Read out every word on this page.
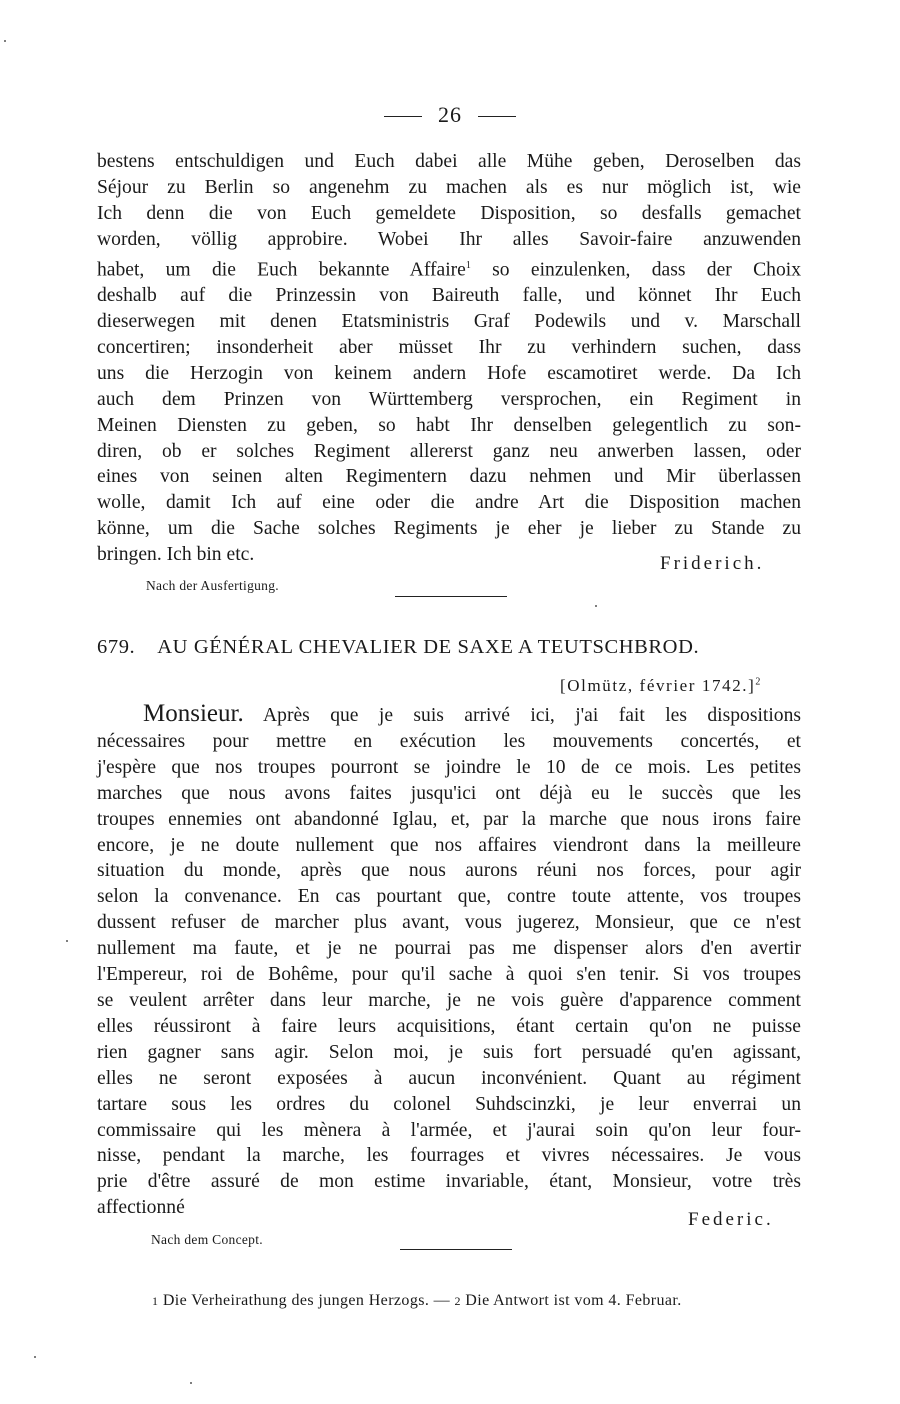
26
bestens entschuldigen und Euch dabei alle Mühe geben, Deroselben das
Séjour zu Berlin so angenehm zu machen als es nur möglich ist, wie
Ich denn die von Euch gemeldete Disposition, so desfalls gemachet
worden, völlig approbire. Wobei Ihr alles Savoir-faire anzuwenden
habet, um die Euch bekannte Affaire$^1$ so einzulenken, dass der Choix
deshalb auf die Prinzessin von Baireuth falle, und könnet Ihr Euch
dieserwegen mit denen Etatsministris Graf Podewils und v. Marschall
concertiren; insonderheit aber müsset Ihr zu verhindern suchen, dass
uns die Herzogin von keinem andern Hofe escamotiret werde. Da Ich
auch dem Prinzen von Württemberg versprochen, ein Regiment in
Meinen Diensten zu geben, so habt Ihr denselben gelegentlich zu son-
diren, ob er solches Regiment allererst ganz neu anwerben lassen, oder
eines von seinen alten Regimentern dazu nehmen und Mir überlassen
wolle, damit Ich auf eine oder die andre Art die Disposition machen
könne, um die Sache solches Regiments je eher je lieber zu Stande zu
bringen. Ich bin etc.	Friderich.
Nach der Ausfertigung.
679. AU GÉNÉRAL CHEVALIER DE SAXE A TEUTSCHBROD.
[Olmütz, février 1742.]$^2$
Monsieur. Après que je suis arrivé ici, j'ai fait les dispositions
nécessaires pour mettre en exécution les mouvements concertés, et
j'espère que nos troupes pourront se joindre le 10 de ce mois. Les petites
marches que nous avons faites jusqu'ici ont déjà eu le succès que les
troupes ennemies ont abandonné Iglau, et, par la marche que nous irons faire
encore, je ne doute nullement que nos affaires viendront dans la meilleure
situation du monde, après que nous aurons réuni nos forces, pour agir
selon la convenance. En cas pourtant que, contre toute attente, vos troupes
dussent refuser de marcher plus avant, vous jugerez, Monsieur, que ce n'est
nullement ma faute, et je ne pourrai pas me dispenser alors d'en avertir
l'Empereur, roi de Bohême, pour qu'il sache à quoi s'en tenir. Si vos troupes
se veulent arrêter dans leur marche, je ne vois guère d'apparence comment
elles réussiront à faire leurs acquisitions, étant certain qu'on ne puisse
rien gagner sans agir. Selon moi, je suis fort persuadé qu'en agissant,
elles ne seront exposées à aucun inconvénient. Quant au régiment
tartare sous les ordres du colonel Suhdscinzki, je leur enverrai un
commissaire qui les mènera à l'armée, et j'aurai soin qu'on leur four-
nisse, pendant la marche, les fourrages et vivres nécessaires. Je vous
prie d'être assuré de mon estime invariable, étant, Monsieur, votre très
affectionné
Federic.
Nach dem Concept.
1 Die Verheirathung des jungen Herzogs. — 2 Die Antwort ist vom 4. Februar.
